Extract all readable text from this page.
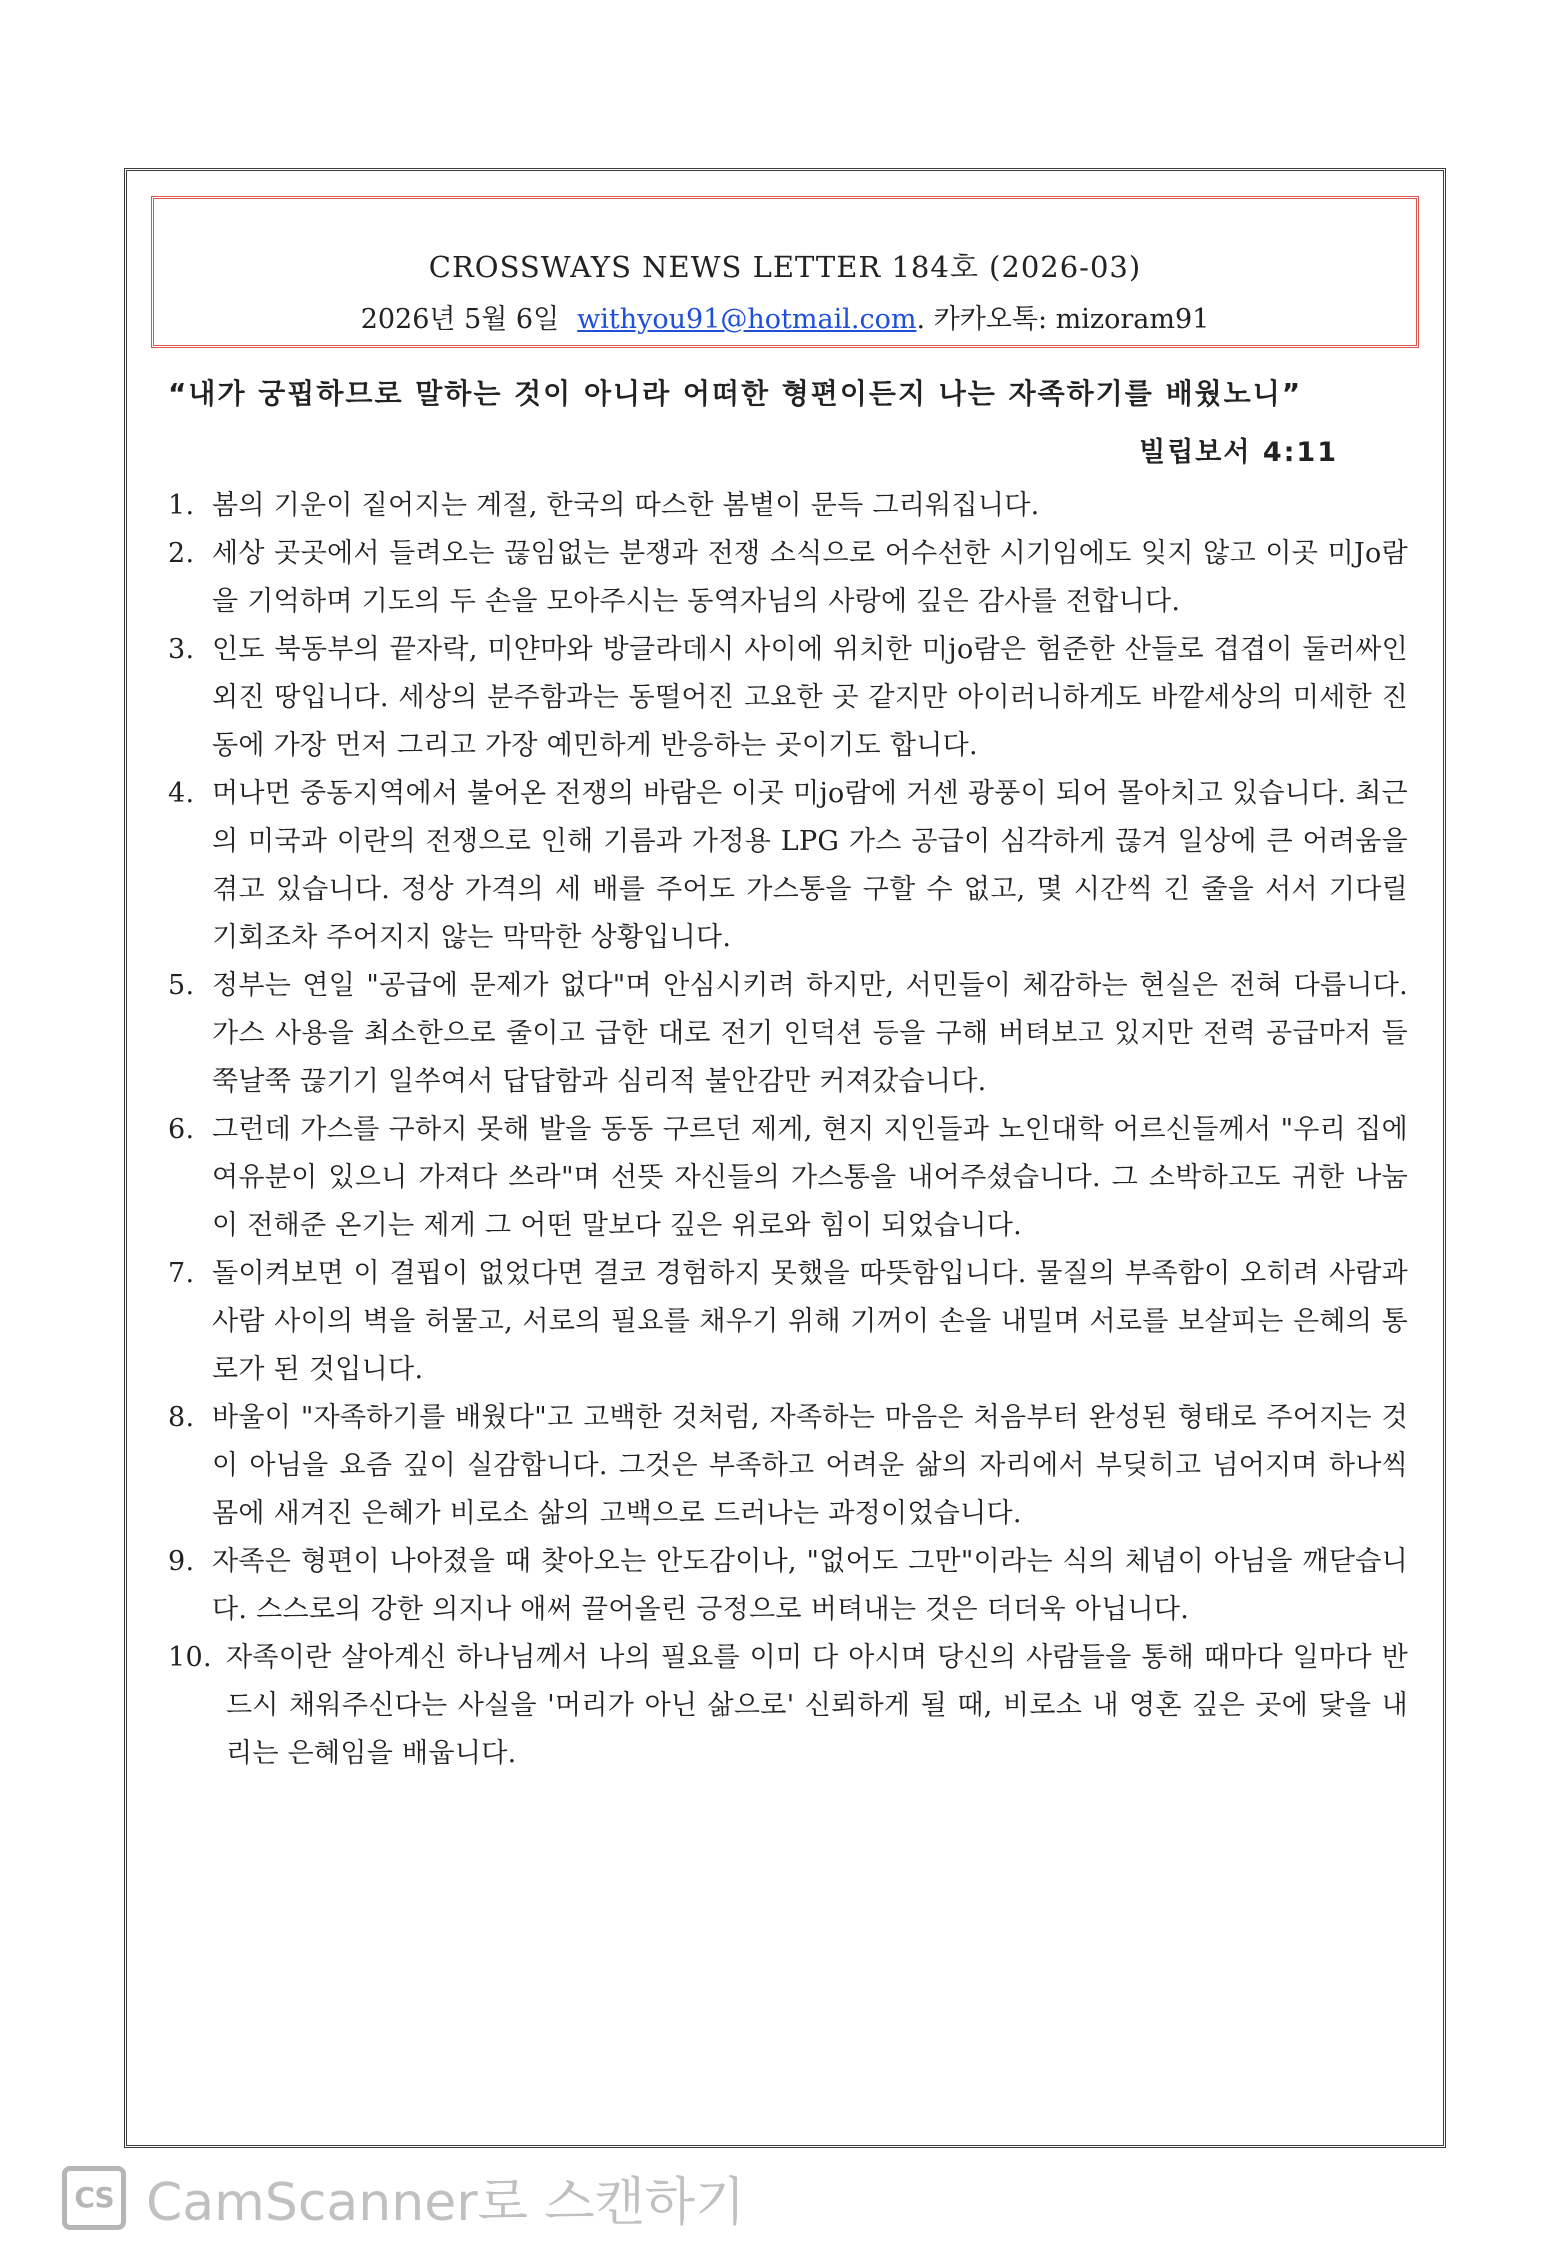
CROSSWAYS NEWS LETTER 184호 (2026-03)
2026년 5월 6일 withyou91@hotmail.com. 카카오톡: mizoram91
“내가 궁핍하므로 말하는 것이 아니라 어떠한 형편이든지 나는 자족하기를 배웠노니”
빌립보서 4:11
1. 봄의 기운이 짙어지는 계절, 한국의 따스한 봄볕이 문득 그리워집니다.
2. 세상 곳곳에서 들려오는 끊임없는 분쟁과 전쟁 소식으로 어수선한 시기임에도 잊지 않고 이곳 미Jo람을 기억하며 기도의 두 손을 모아주시는 동역자님의 사랑에 깊은 감사를 전합니다.
3. 인도 북동부의 끝자락, 미얀마와 방글라데시 사이에 위치한 미jo람은 험준한 산들로 겹겹이 둘러싸인 외진 땅입니다. 세상의 분주함과는 동떨어진 고요한 곳 같지만 아이러니하게도 바깥세상의 미세한 진동에 가장 먼저 그리고 가장 예민하게 반응하는 곳이기도 합니다.
4. 머나먼 중동지역에서 불어온 전쟁의 바람은 이곳 미jo람에 거센 광풍이 되어 몰아치고 있습니다. 최근의 미국과 이란의 전쟁으로 인해 기름과 가정용 LPG 가스 공급이 심각하게 끊겨 일상에 큰 어려움을 겪고 있습니다. 정상 가격의 세 배를 주어도 가스통을 구할 수 없고, 몇 시간씩 긴 줄을 서서 기다릴 기회조차 주어지지 않는 막막한 상황입니다.
5. 정부는 연일 "공급에 문제가 없다"며 안심시키려 하지만, 서민들이 체감하는 현실은 전혀 다릅니다. 가스 사용을 최소한으로 줄이고 급한 대로 전기 인덕션 등을 구해 버텨보고 있지만 전력 공급마저 들쭉날쭉 끊기기 일쑤여서 답답함과 심리적 불안감만 커져갔습니다.
6. 그런데 가스를 구하지 못해 발을 동동 구르던 제게, 현지 지인들과 노인대학 어르신들께서 "우리 집에 여유분이 있으니 가져다 쓰라"며 선뜻 자신들의 가스통을 내어주셨습니다. 그 소박하고도 귀한 나눔이 전해준 온기는 제게 그 어떤 말보다 깊은 위로와 힘이 되었습니다.
7. 돌이켜보면 이 결핍이 없었다면 결코 경험하지 못했을 따뜻함입니다. 물질의 부족함이 오히려 사람과 사람 사이의 벽을 허물고, 서로의 필요를 채우기 위해 기꺼이 손을 내밀며 서로를 보살피는 은혜의 통로가 된 것입니다.
8. 바울이 "자족하기를 배웠다"고 고백한 것처럼, 자족하는 마음은 처음부터 완성된 형태로 주어지는 것이 아님을 요즘 깊이 실감합니다. 그것은 부족하고 어려운 삶의 자리에서 부딪히고 넘어지며 하나씩 몸에 새겨진 은혜가 비로소 삶의 고백으로 드러나는 과정이었습니다.
9. 자족은 형편이 나아졌을 때 찾아오는 안도감이나, "없어도 그만"이라는 식의 체념이 아님을 깨닫습니다. 스스로의 강한 의지나 애써 끌어올린 긍정으로 버텨내는 것은 더더욱 아닙니다.
10. 자족이란 살아계신 하나님께서 나의 필요를 이미 다 아시며 당신의 사람들을 통해 때마다 일마다 반드시 채워주신다는 사실을 '머리가 아닌 삶으로' 신뢰하게 될 때, 비로소 내 영혼 깊은 곳에 닻을 내리는 은혜임을 배웁니다.
CS CamScanner로 스캔하기
